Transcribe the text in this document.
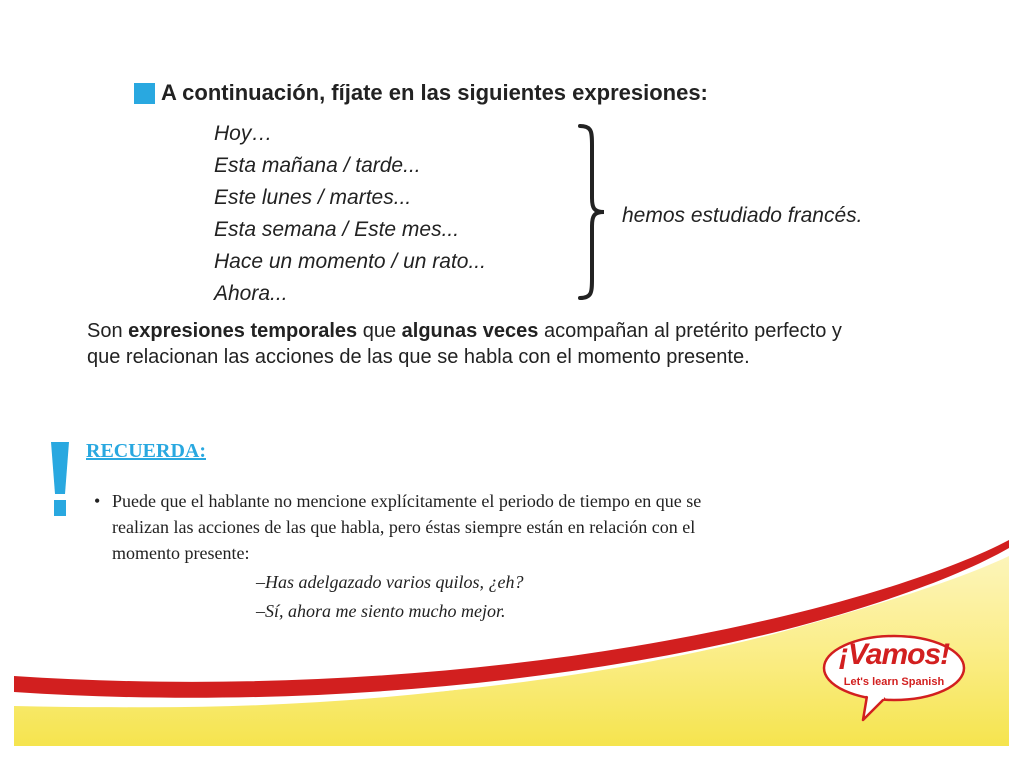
A continuación, fíjate en las siguientes expresiones:
Hoy…
Esta mañana / tarde...
Este lunes / martes...
Esta semana / Este mes...
Hace un momento / un rato...
Ahora...
hemos estudiado francés.
Son expresiones temporales que algunas veces acompañan al pretérito perfecto y que relacionan las acciones de las que se habla con el momento presente.
RECUERDA:
• Puede que el hablante no mencione explícitamente el periodo de tiempo en que se realizan las acciones de las que habla, pero éstas siempre están en relación con el momento presente:
–Has adelgazado varios quilos, ¿eh?
–Sí, ahora me siento mucho mejor.
¡Vamos!
Let's learn Spanish
